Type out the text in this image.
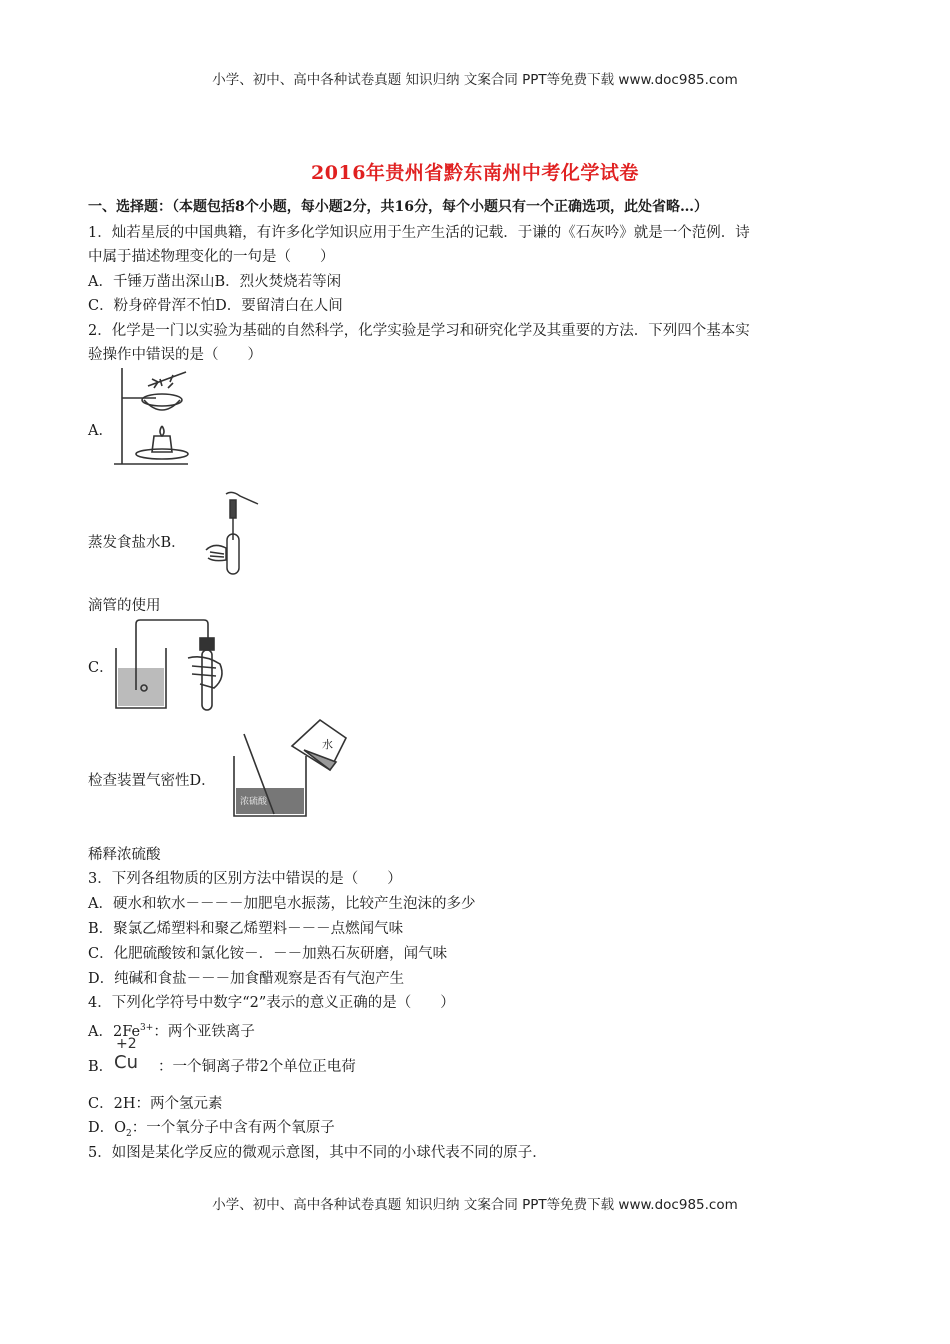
小学、初中、高中各种试卷真题 知识归纳 文案合同 PPT等免费下载 www.doc985.com
2016年贵州省黔东南州中考化学试卷
一、选择题：（本题包括8个小题，每小题2分，共16分，每个小题只有一个正确选项，此处省略…）
1．灿若星辰的中国典籍，有许多化学知识应用于生产生活的记载．于谦的《石灰吟》就是一个范例．诗
中属于描述物理变化的一句是（　　）
A．千锤万凿出深山B．烈火焚烧若等闲
C．粉身碎骨浑不怕D．要留清白在人间
2．化学是一门以实验为基础的自然科学，化学实验是学习和研究化学及其重要的方法．下列四个基本实
验操作中错误的是（　　）
A．
蒸发食盐水B．
滴管的使用
C．
检查装置气密性D．
水
浓硫酸
稀释浓硫酸
3．下列各组物质的区别方法中错误的是（　　）
A．硬水和软水－－－－加肥皂水振荡，比较产生泡沫的多少
B．聚氯乙烯塑料和聚乙烯塑料－－－点燃闻气味
C．化肥硫酸铵和氯化铵－．－－加熟石灰研磨，闻气味
D．纯碱和食盐－－－加食醋观察是否有气泡产生
4．下列化学符号中数字“2”表示的意义正确的是（　　）
A．$2Fe^{3+}$：两个亚铁离子
B．
+2
Cu ：一个铜离子带2个单位正电荷
C．2H：两个氢元素
D．$O_2$：一个氧分子中含有两个氧原子
5．如图是某化学反应的微观示意图，其中不同的小球代表不同的原子．
小学、初中、高中各种试卷真题 知识归纳 文案合同 PPT等免费下载 www.doc985.com
